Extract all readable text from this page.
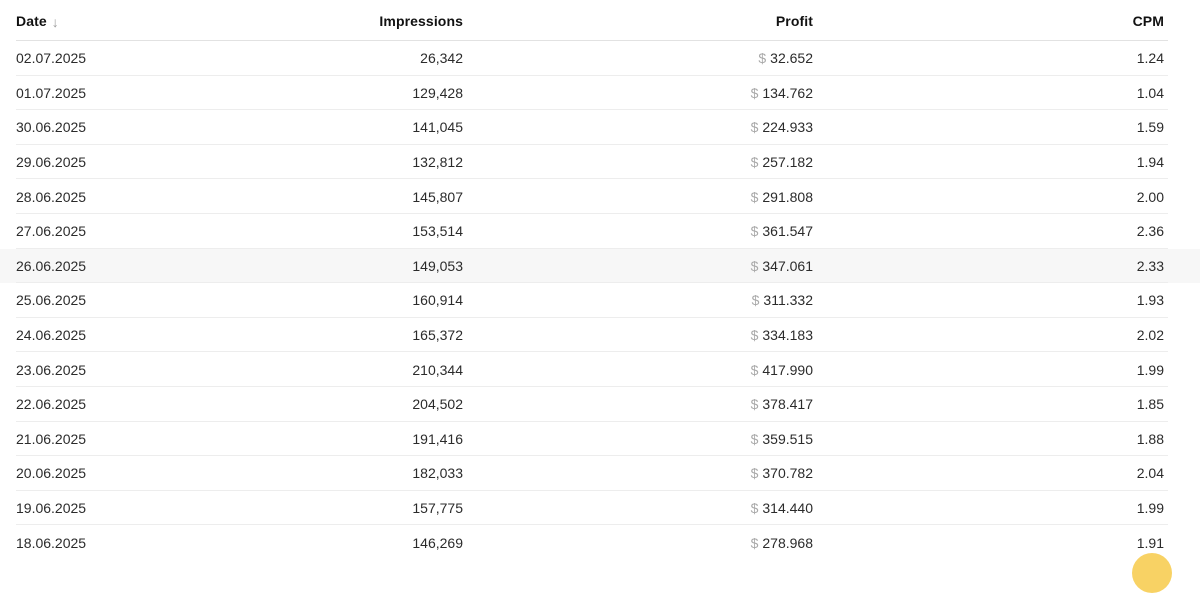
Date ↓	Impressions	Profit	CPM
02.07.2025	26,342	$ 32.652	1.24
01.07.2025	129,428	$ 134.762	1.04
30.06.2025	141,045	$ 224.933	1.59
29.06.2025	132,812	$ 257.182	1.94
28.06.2025	145,807	$ 291.808	2.00
27.06.2025	153,514	$ 361.547	2.36
26.06.2025	149,053	$ 347.061	2.33
25.06.2025	160,914	$ 311.332	1.93
24.06.2025	165,372	$ 334.183	2.02
23.06.2025	210,344	$ 417.990	1.99
22.06.2025	204,502	$ 378.417	1.85
21.06.2025	191,416	$ 359.515	1.88
20.06.2025	182,033	$ 370.782	2.04
19.06.2025	157,775	$ 314.440	1.99
18.06.2025	146,269	$ 278.968	1.91
